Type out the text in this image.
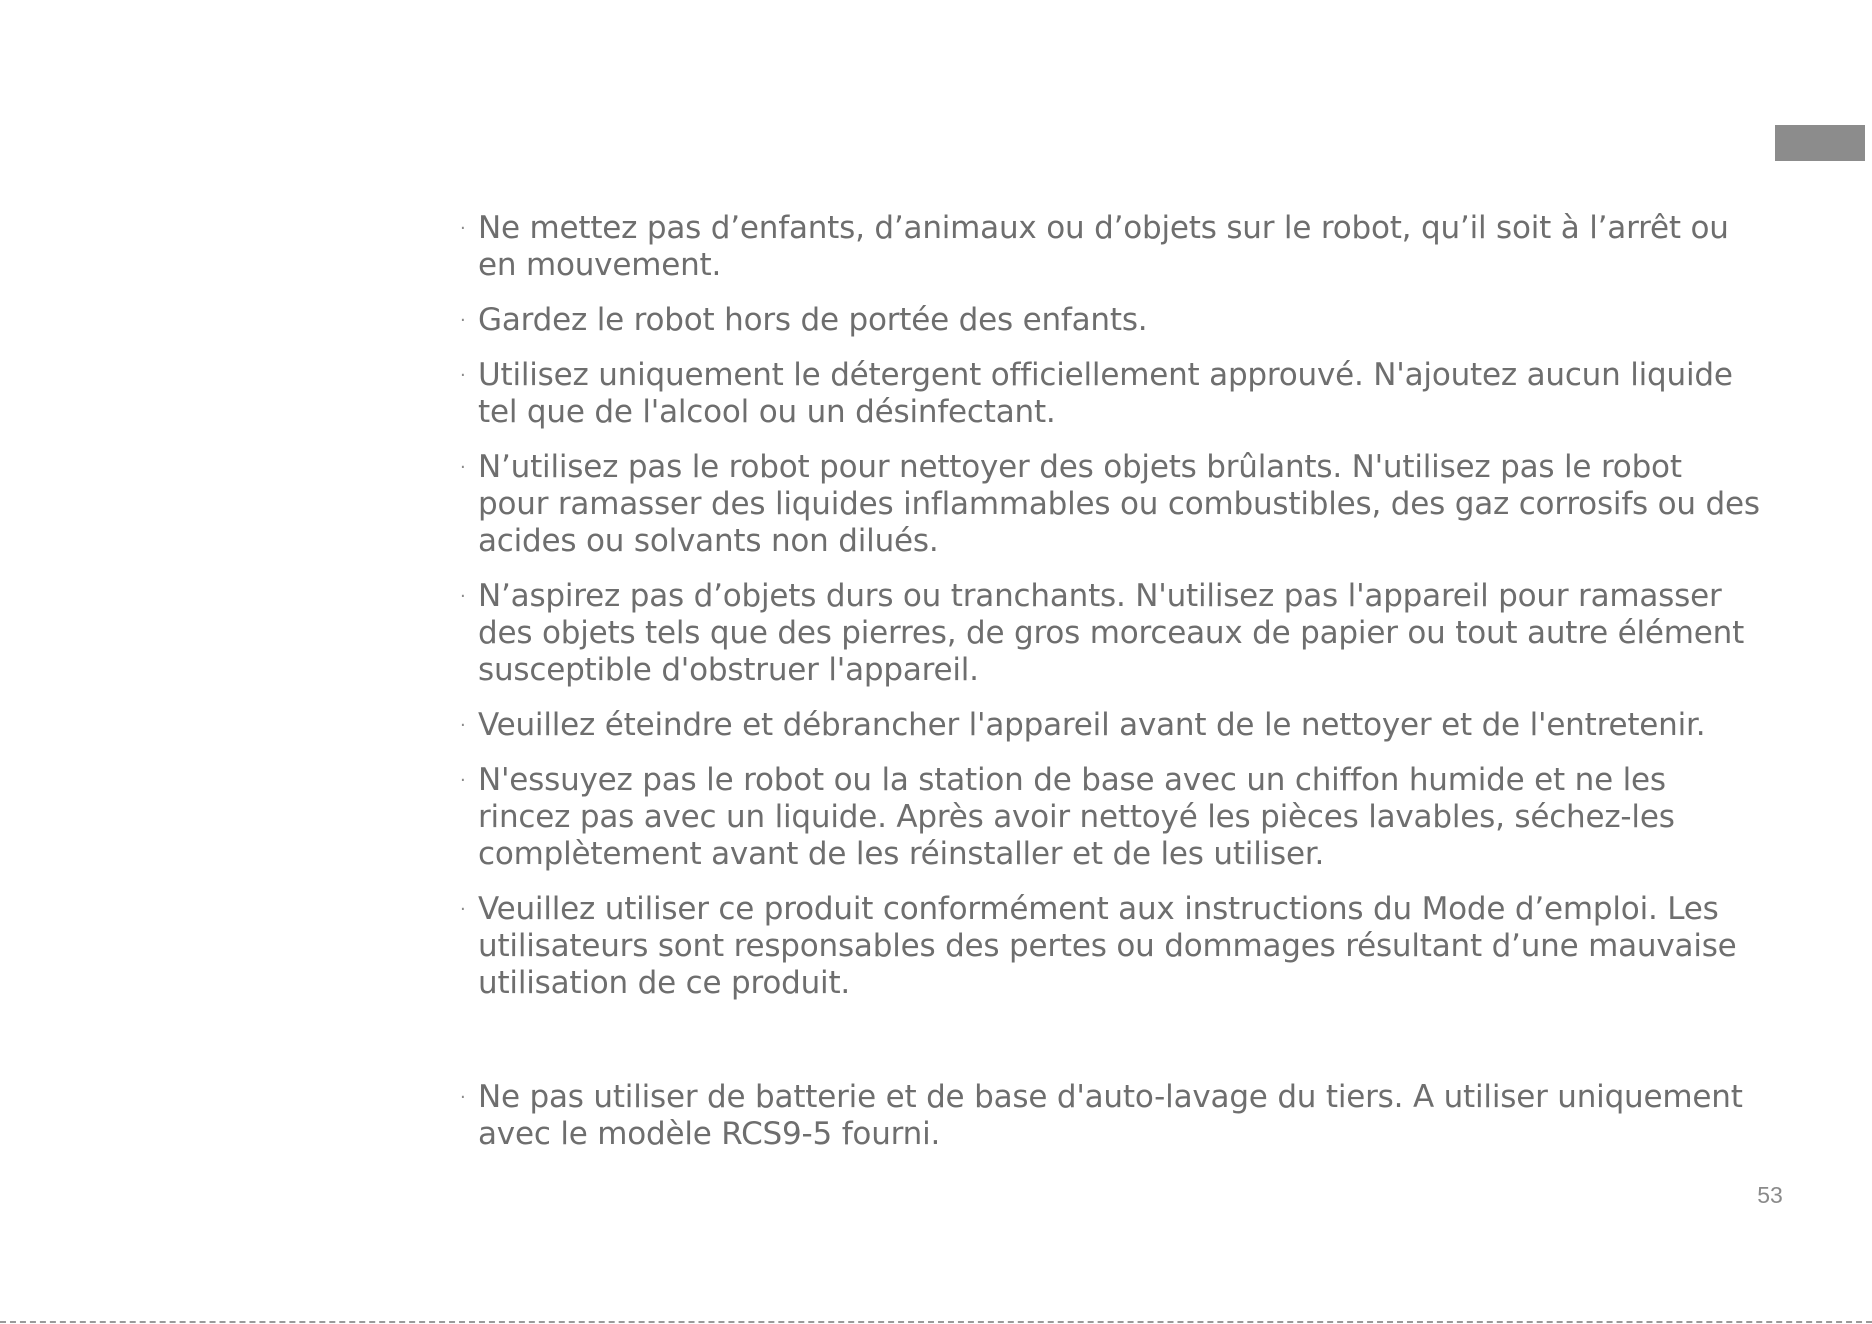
· Ne mettez pas d’enfants, d’animaux ou d’objets sur le robot, qu’il soit à l’arrêt ou en mouvement.
· Gardez le robot hors de portée des enfants.
· Utilisez uniquement le détergent officiellement approuvé. N'ajoutez aucun liquide tel que de l'alcool ou un désinfectant.
· N’utilisez pas le robot pour nettoyer des objets brûlants. N'utilisez pas le robot pour ramasser des liquides inflammables ou combustibles, des gaz corrosifs ou des acides ou solvants non dilués.
· N’aspirez pas d’objets durs ou tranchants. N'utilisez pas l'appareil pour ramasser des objets tels que des pierres, de gros morceaux de papier ou tout autre élément susceptible d'obstruer l'appareil.
· Veuillez éteindre et débrancher l'appareil avant de le nettoyer et de l'entretenir.
· N'essuyez pas le robot ou la station de base avec un chiffon humide et ne les rincez pas avec un liquide. Après avoir nettoyé les pièces lavables, séchez-les complètement avant de les réinstaller et de les utiliser.
· Veuillez utiliser ce produit conformément aux instructions du Mode d’emploi. Les utilisateurs sont responsables des pertes ou dommages résultant d’une mauvaise utilisation de ce produit.
· Ne pas utiliser de batterie et de base d'auto-lavage du tiers. A utiliser uniquement avec le modèle RCS9-5 fourni.
53
